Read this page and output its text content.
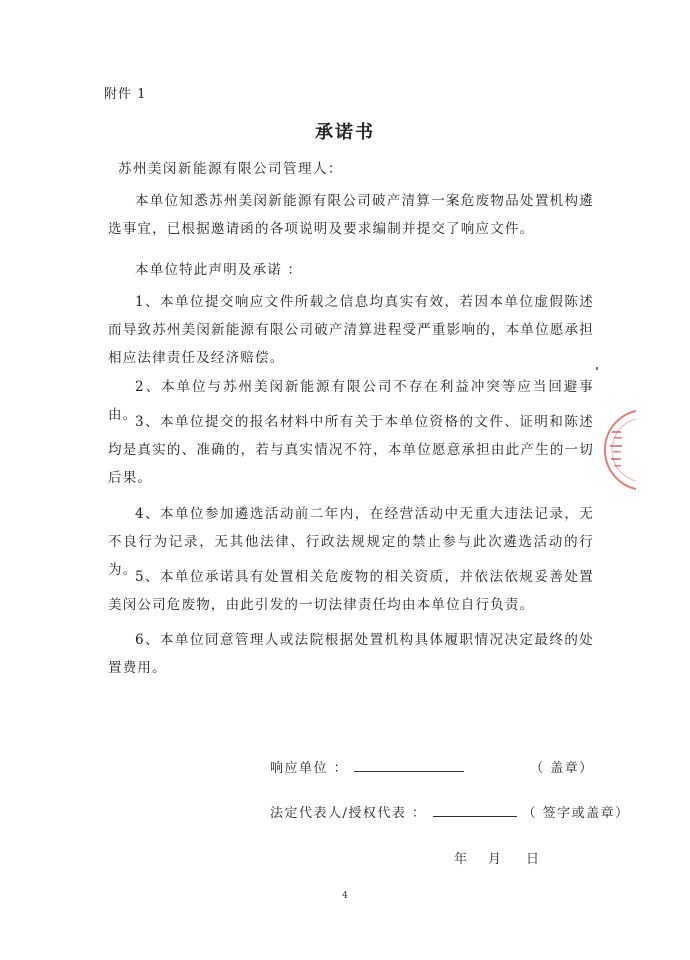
附件 1
承诺书
苏州美闵新能源有限公司管理人：

本单位知悉苏州美闵新能源有限公司破产清算一案危废物品处置机构遴选事宜，已根据邀请函的各项说明及要求编制并提交了响应文件。

本单位特此声明及承诺 ：

1、本单位提交响应文件所载之信息均真实有效，若因本单位虚假陈述而导致苏州美闵新能源有限公司破产清算进程受严重影响的，本单位愿承担相应法律责任及经济赔偿。

2、本单位与苏州美闵新能源有限公司不存在利益冲突等应当回避事由。

3、本单位提交的报名材料中所有关于本单位资格的文件、证明和陈述均是真实的、准确的，若与真实情况不符，本单位愿意承担由此产生的一切后果。

4、本单位参加遴选活动前二年内，在经营活动中无重大违法记录，无不良行为记录，无其他法律、行政法规规定的禁止参与此次遴选活动的行为。

5、本单位承诺具有处置相关危废物的相关资质，并依法依规妥善处置美闵公司危废物，由此引发的一切法律责任均由本单位自行负责。

6、本单位同意管理人或法院根据处置机构具体履职情况决定最终的处置费用。

响应单位 ：	（ 盖章）
法定代表人/授权代表 ：	（ 签字或盖章）
年 月 日
4
